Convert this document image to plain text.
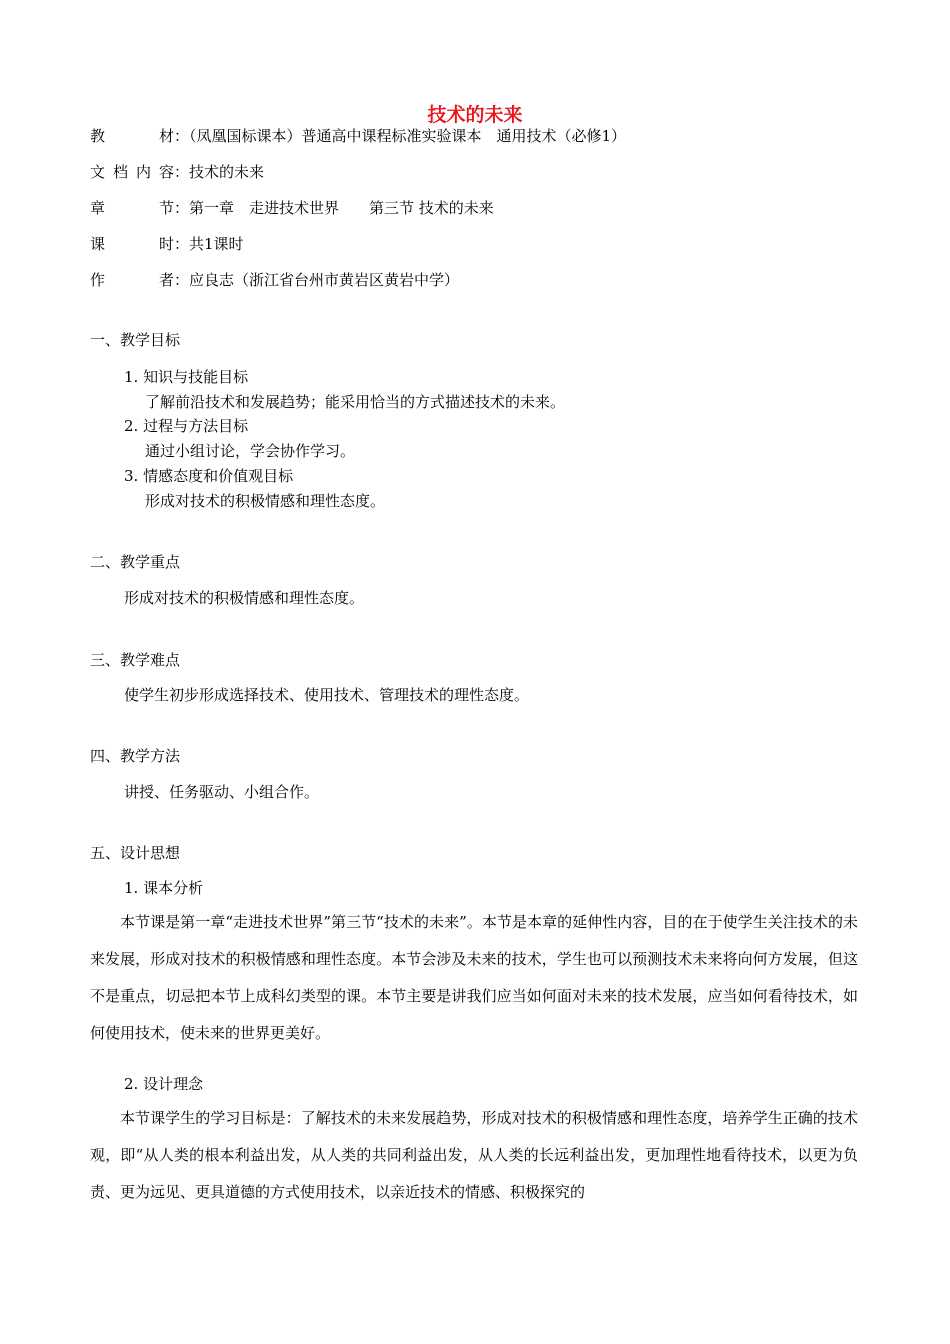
技术的未来
教材：（凤凰国标课本）普通高中课程标准实验课本　通用技术（必修1）
文档内容：技术的未来
章节：第一章　走进技术世界　　第三节 技术的未来
课时：共1课时
作者：应良志（浙江省台州市黄岩区黄岩中学）
一、教学目标
1. 知识与技能目标
了解前沿技术和发展趋势；能采用恰当的方式描述技术的未来。
2. 过程与方法目标
通过小组讨论，学会协作学习。
3. 情感态度和价值观目标
形成对技术的积极情感和理性态度。
二、教学重点
形成对技术的积极情感和理性态度。
三、教学难点
使学生初步形成选择技术、使用技术、管理技术的理性态度。
四、教学方法
讲授、任务驱动、小组合作。
五、设计思想
1. 课本分析
本节课是第一章“走进技术世界”第三节“技术的未来”。本节是本章的延伸性内容，目的在于使学生关注技术的未来发展，形成对技术的积极情感和理性态度。本节会涉及未来的技术，学生也可以预测技术未来将向何方发展，但这不是重点，切忌把本节上成科幻类型的课。本节主要是讲我们应当如何面对未来的技术发展，应当如何看待技术，如何使用技术，使未来的世界更美好。
2. 设计理念
本节课学生的学习目标是：了解技术的未来发展趋势，形成对技术的积极情感和理性态度，培养学生正确的技术观，即“从人类的根本利益出发，从人类的共同利益出发，从人类的长远利益出发，更加理性地看待技术，以更为负责、更为远见、更具道德的方式使用技术，以亲近技术的情感、积极探究的
